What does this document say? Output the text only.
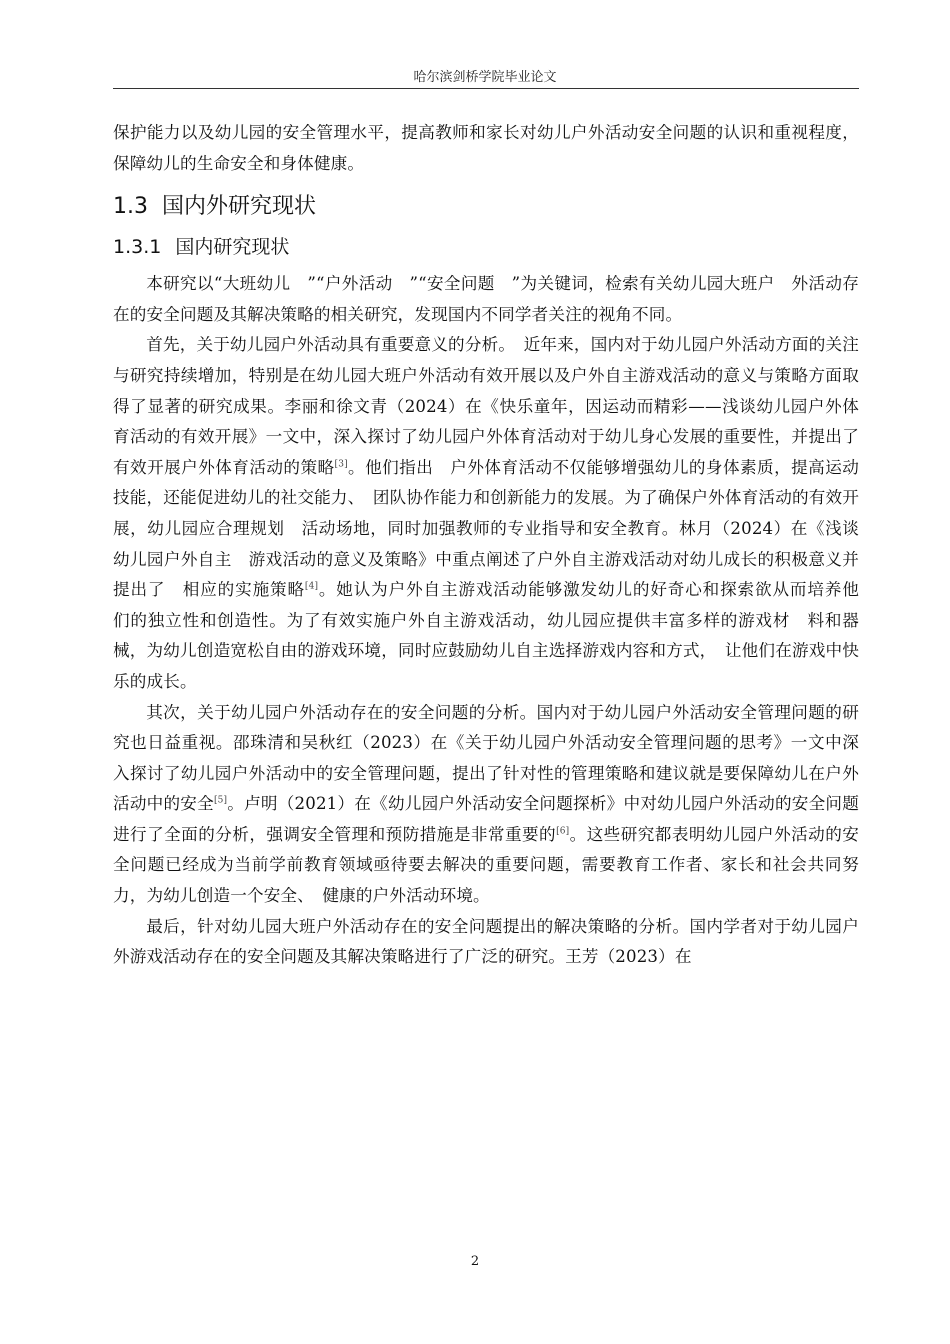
哈尔滨剑桥学院毕业论文

保护能力以及幼儿园的安全管理水平，提高教师和家长对幼儿户外活动安全问题的认识和重视程度，保障幼儿的生命安全和身体健康。

1.3 国内外研究现状
1.3.1 国内研究现状

本研究以“大班幼儿　”“户外活动　”“安全问题　”为关键词，检索有关幼儿园大班户　外活动存在的安全问题及其解决策略的相关研究，发现国内不同学者关注的视角不同。

首先，关于幼儿园户外活动具有重要意义的分析。　近年来，国内对于幼儿园户外活动方面的关注与研究持续增加，特别是在幼儿园大班户外活动有效开展以及户外自主游戏活动的意义与策略方面取得了显著的研究成果。李丽和徐文青（2024）在《快乐童年，因运动而精彩——浅谈幼儿园户外体育活动的有效开展》一文中，深入探讨了幼儿园户外体育活动对于幼儿身心发展的重要性，并提出了有效开展户外体育活动的策略[3]。他们指出　户外体育活动不仅能够增强幼儿的身体素质，提高运动技能，还能促进幼儿的社交能力、　团队协作能力和创新能力的发展。为了确保户外体育活动的有效开展，幼儿园应合理规划　活动场地，同时加强教师的专业指导和安全教育。林月（2024）在《浅谈幼儿园户外自主　游戏活动的意义及策略》中重点阐述了户外自主游戏活动对幼儿成长的积极意义并提出了　相应的实施策略[4]。她认为户外自主游戏活动能够激发幼儿的好奇心和探索欲从而培养他　们的独立性和创造性。为了有效实施户外自主游戏活动，幼儿园应提供丰富多样的游戏材　料和器械，为幼儿创造宽松自由的游戏环境，同时应鼓励幼儿自主选择游戏内容和方式，　让他们在游戏中快乐的成长。

其次，关于幼儿园户外活动存在的安全问题的分析。国内对于幼儿园户外活动安全管理问题的研究也日益重视。邵珠清和吴秋红（2023）在《关于幼儿园户外活动安全管理问题的思考》一文中深入探讨了幼儿园户外活动中的安全管理问题，提出了针对性的管理策略和建议就是要保障幼儿在户外活动中的安全[5]。卢明（2021）在《幼儿园户外活动安全问题探析》中对幼儿园户外活动的安全问题进行了全面的分析，强调安全管理和预防措施是非常重要的[6]。这些研究都表明幼儿园户外活动的安全问题已经成为当前学前教育领域亟待要去解决的重要问题，需要教育工作者、家长和社会共同努力，为幼儿创造一个安全、　健康的户外活动环境。

最后，针对幼儿园大班户外活动存在的安全问题提出的解决策略的分析。国内学者对于幼儿园户外游戏活动存在的安全问题及其解决策略进行了广泛的研究。王芳（2023）在

2
